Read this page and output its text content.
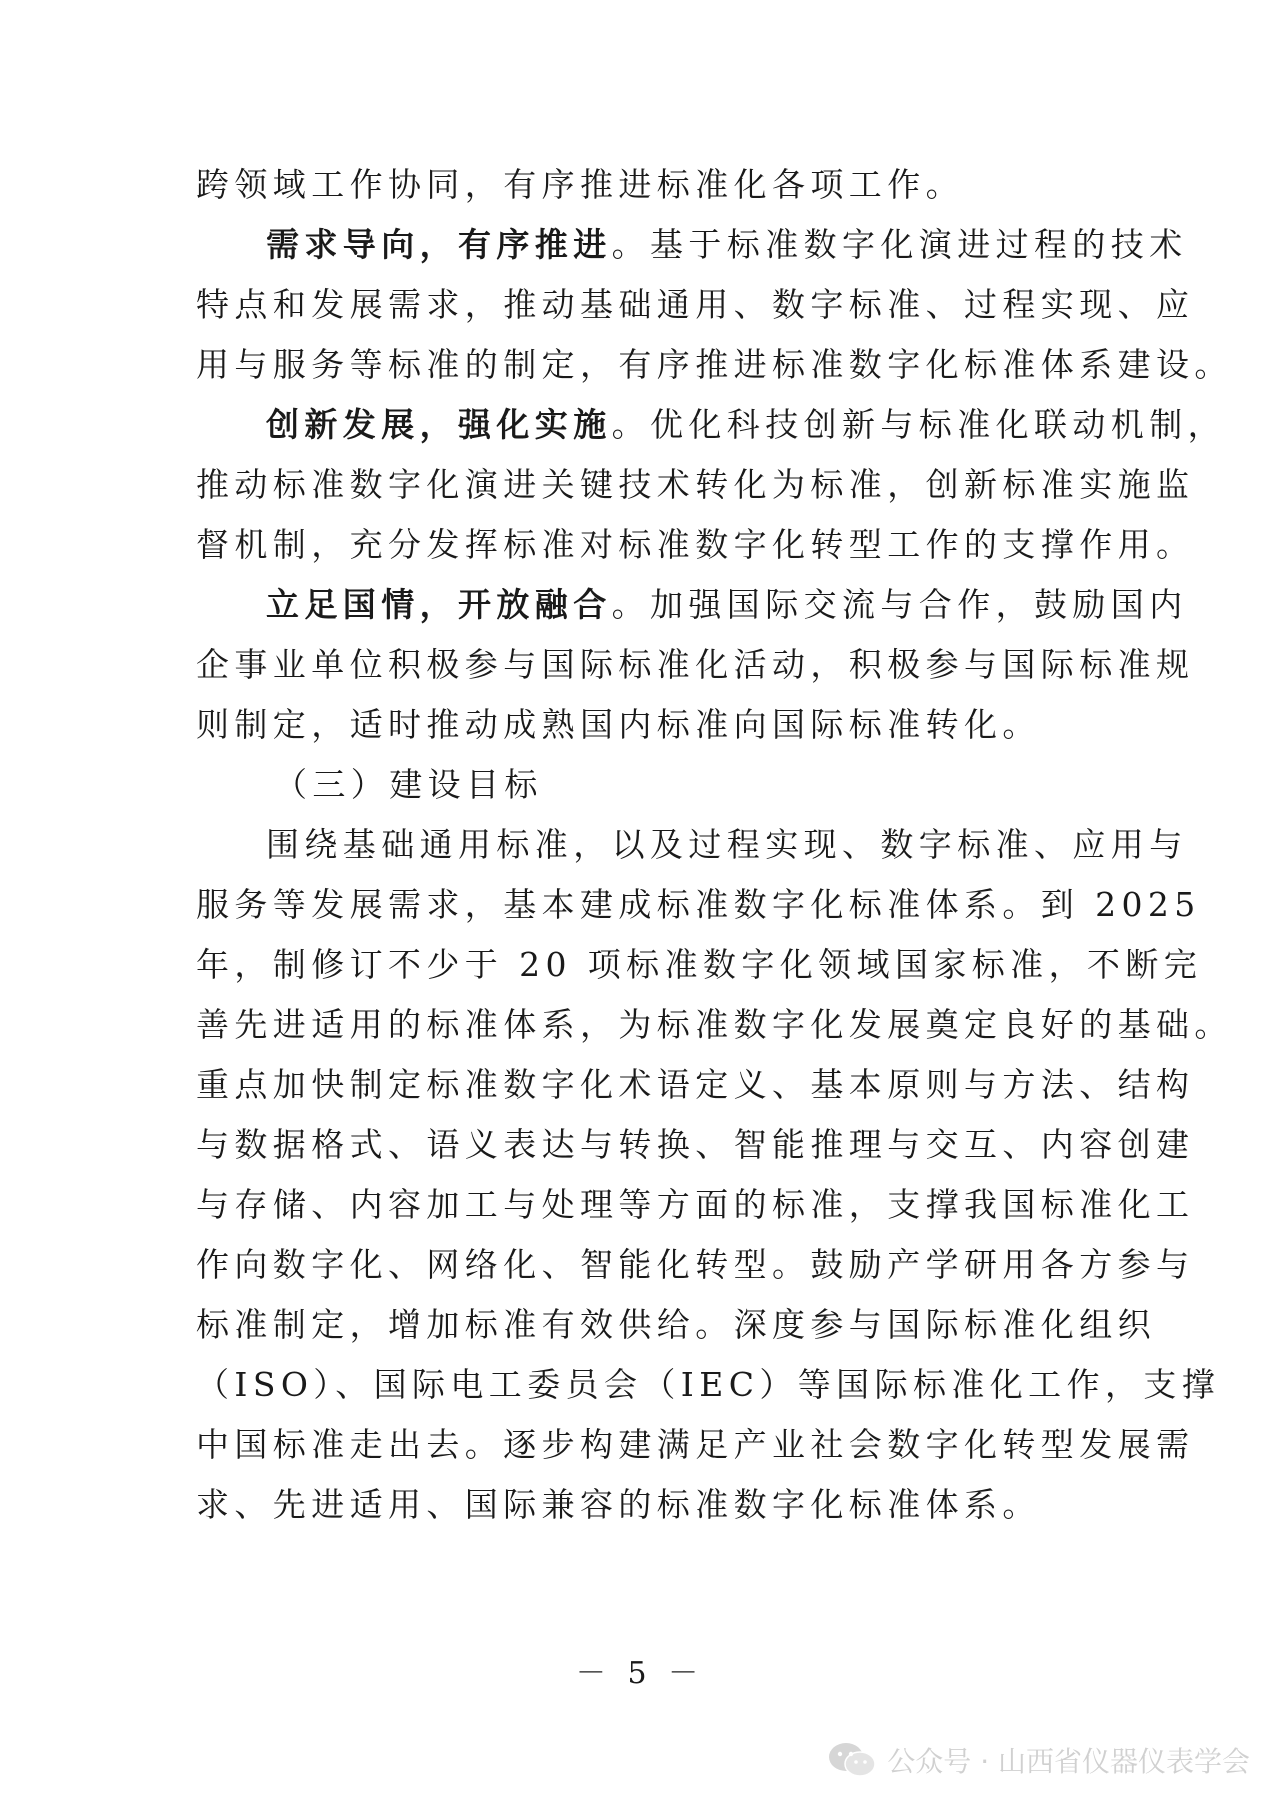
跨领域工作协同，有序推进标准化各项工作。
需求导向，有序推进。基于标准数字化演进过程的技术
特点和发展需求，推动基础通用、数字标准、过程实现、应
用与服务等标准的制定，有序推进标准数字化标准体系建设。
创新发展，强化实施。优化科技创新与标准化联动机制，
推动标准数字化演进关键技术转化为标准，创新标准实施监
督机制，充分发挥标准对标准数字化转型工作的支撑作用。
立足国情，开放融合。加强国际交流与合作，鼓励国内
企事业单位积极参与国际标准化活动，积极参与国际标准规
则制定，适时推动成熟国内标准向国际标准转化。
（三）建设目标
围绕基础通用标准，以及过程实现、数字标准、应用与
服务等发展需求，基本建成标准数字化标准体系。到 2025
年，制修订不少于 20 项标准数字化领域国家标准，不断完
善先进适用的标准体系，为标准数字化发展奠定良好的基础。
重点加快制定标准数字化术语定义、基本原则与方法、结构
与数据格式、语义表达与转换、智能推理与交互、内容创建
与存储、内容加工与处理等方面的标准，支撑我国标准化工
作向数字化、网络化、智能化转型。鼓励产学研用各方参与
标准制定，增加标准有效供给。深度参与国际标准化组织
（ISO）、国际电工委员会（IEC）等国际标准化工作，支撑
中国标准走出去。逐步构建满足产业社会数字化转型发展需
求、先进适用、国际兼容的标准数字化标准体系。
－ 5 －
公众号 · 山西省仪器仪表学会
